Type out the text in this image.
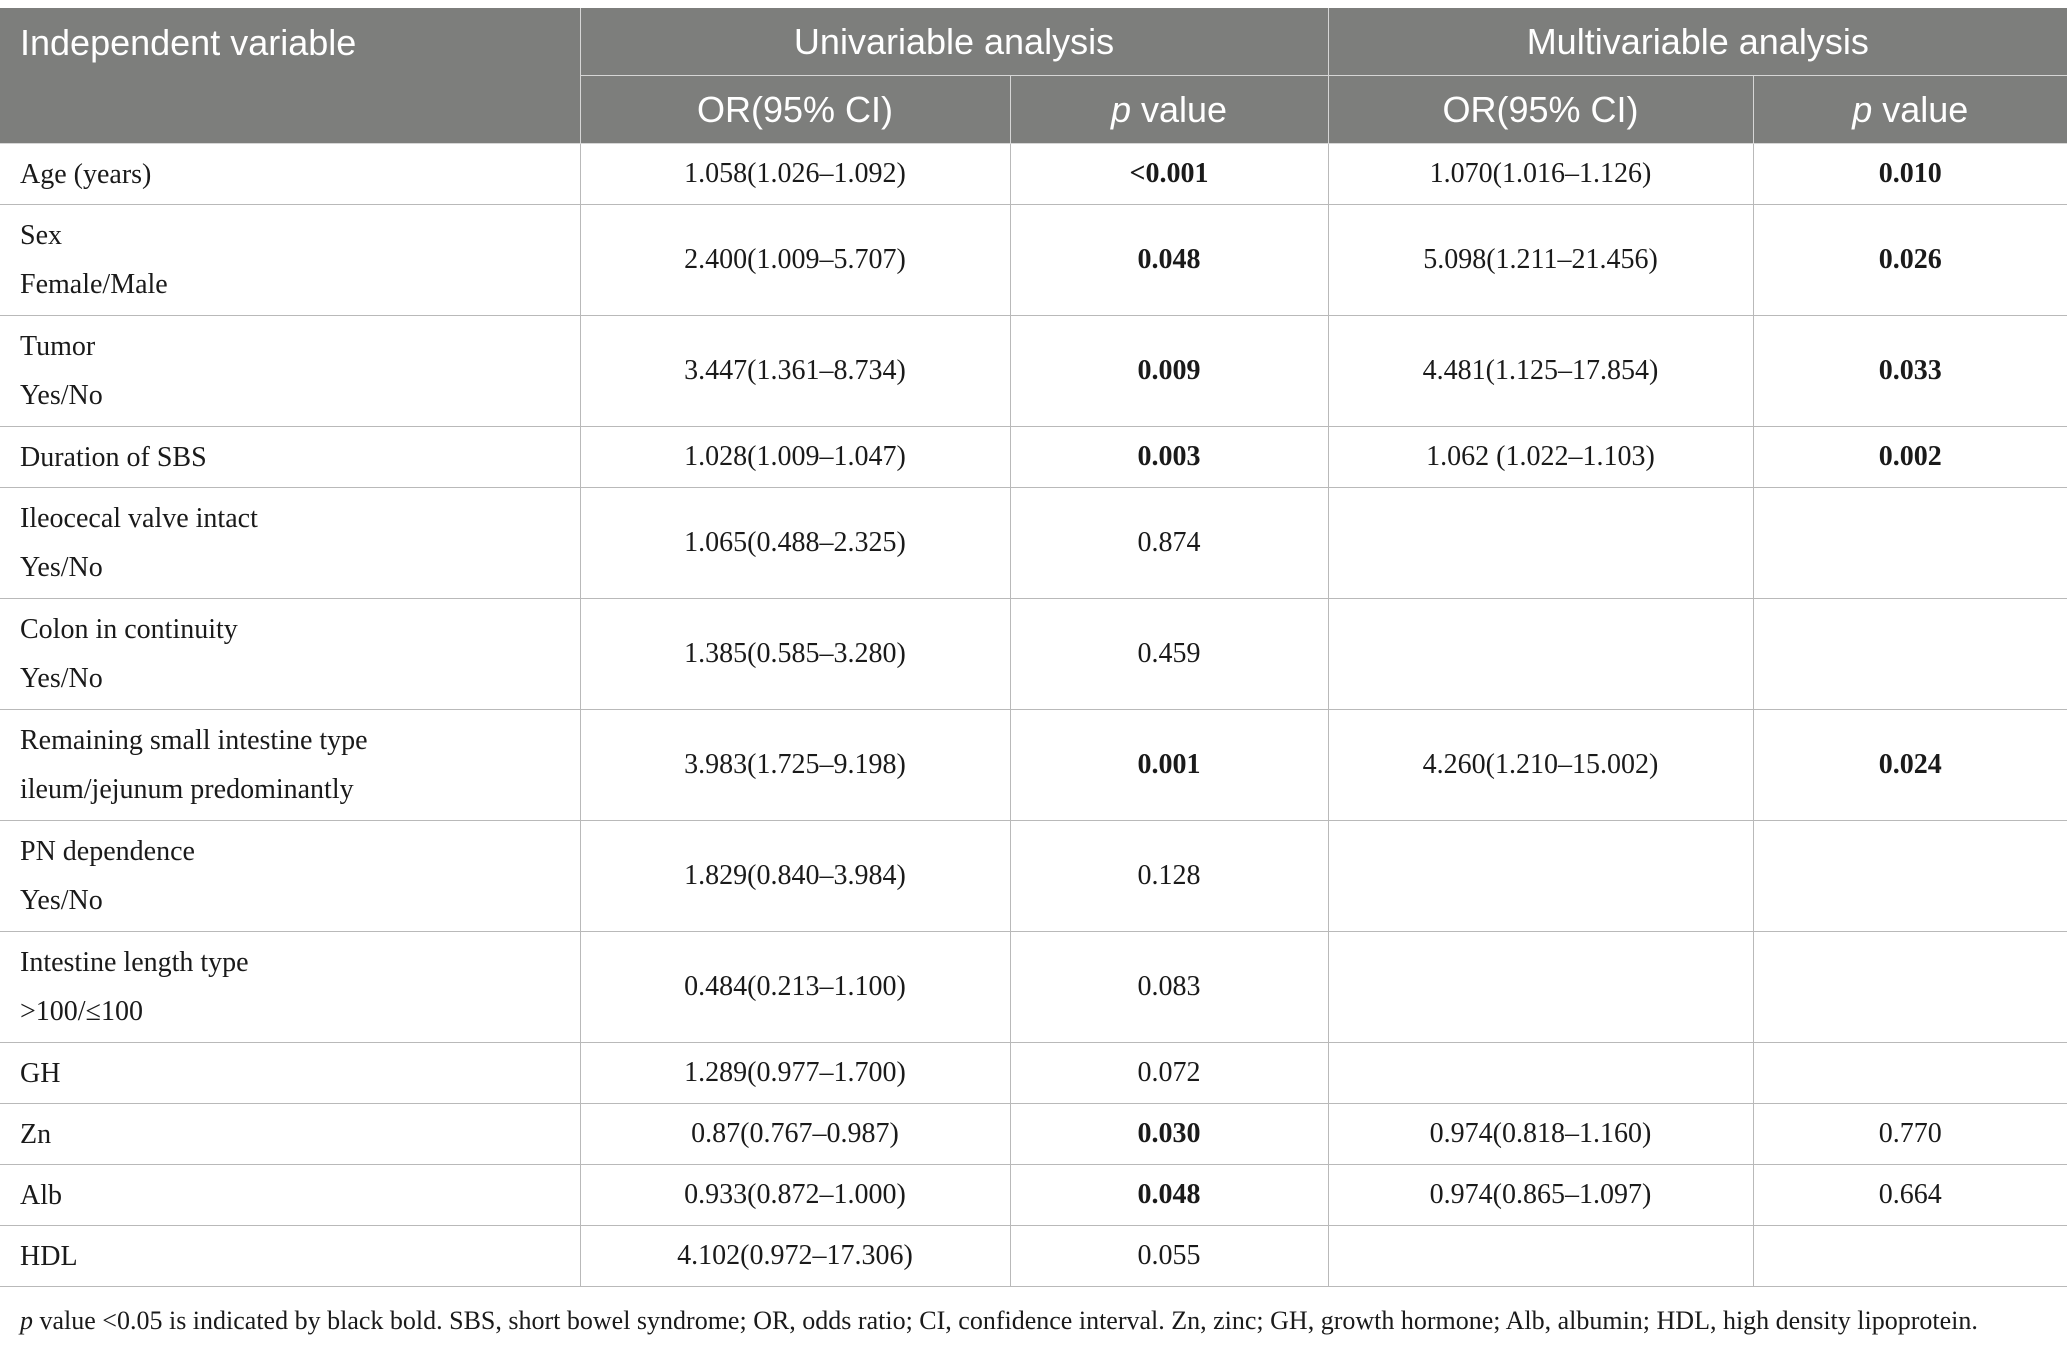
Independent variable	Univariable analysis		Multivariable analysis	
	OR(95% CI)	p value	OR(95% CI)	p value

Age (years)	1.058(1.026–1.092)	<0.001	1.070(1.016–1.126)	0.010

Sex
Female/Male	2.400(1.009–5.707)	0.048	5.098(1.211–21.456)	0.026

Tumor
Yes/No	3.447(1.361–8.734)	0.009	4.481(1.125–17.854)	0.033

Duration of SBS	1.028(1.009–1.047)	0.003	1.062 (1.022–1.103)	0.002

Ileocecal valve intact
Yes/No	1.065(0.488–2.325)	0.874		

Colon in continuity
Yes/No	1.385(0.585–3.280)	0.459		

Remaining small intestine type
ileum/jejunum predominantly	3.983(1.725–9.198)	0.001	4.260(1.210–15.002)	0.024

PN dependence
Yes/No	1.829(0.840–3.984)	0.128		

Intestine length type
>100/≤100	0.484(0.213–1.100)	0.083		

GH	1.289(0.977–1.700)	0.072		

Zn	0.87(0.767–0.987)	0.030	0.974(0.818–1.160)	0.770

Alb	0.933(0.872–1.000)	0.048	0.974(0.865–1.097)	0.664

HDL	4.102(0.972–17.306)	0.055		
p value <0.05 is indicated by black bold. SBS, short bowel syndrome; OR, odds ratio; CI, confidence interval. Zn, zinc; GH, growth hormone; Alb, albumin; HDL, high density lipoprotein.
